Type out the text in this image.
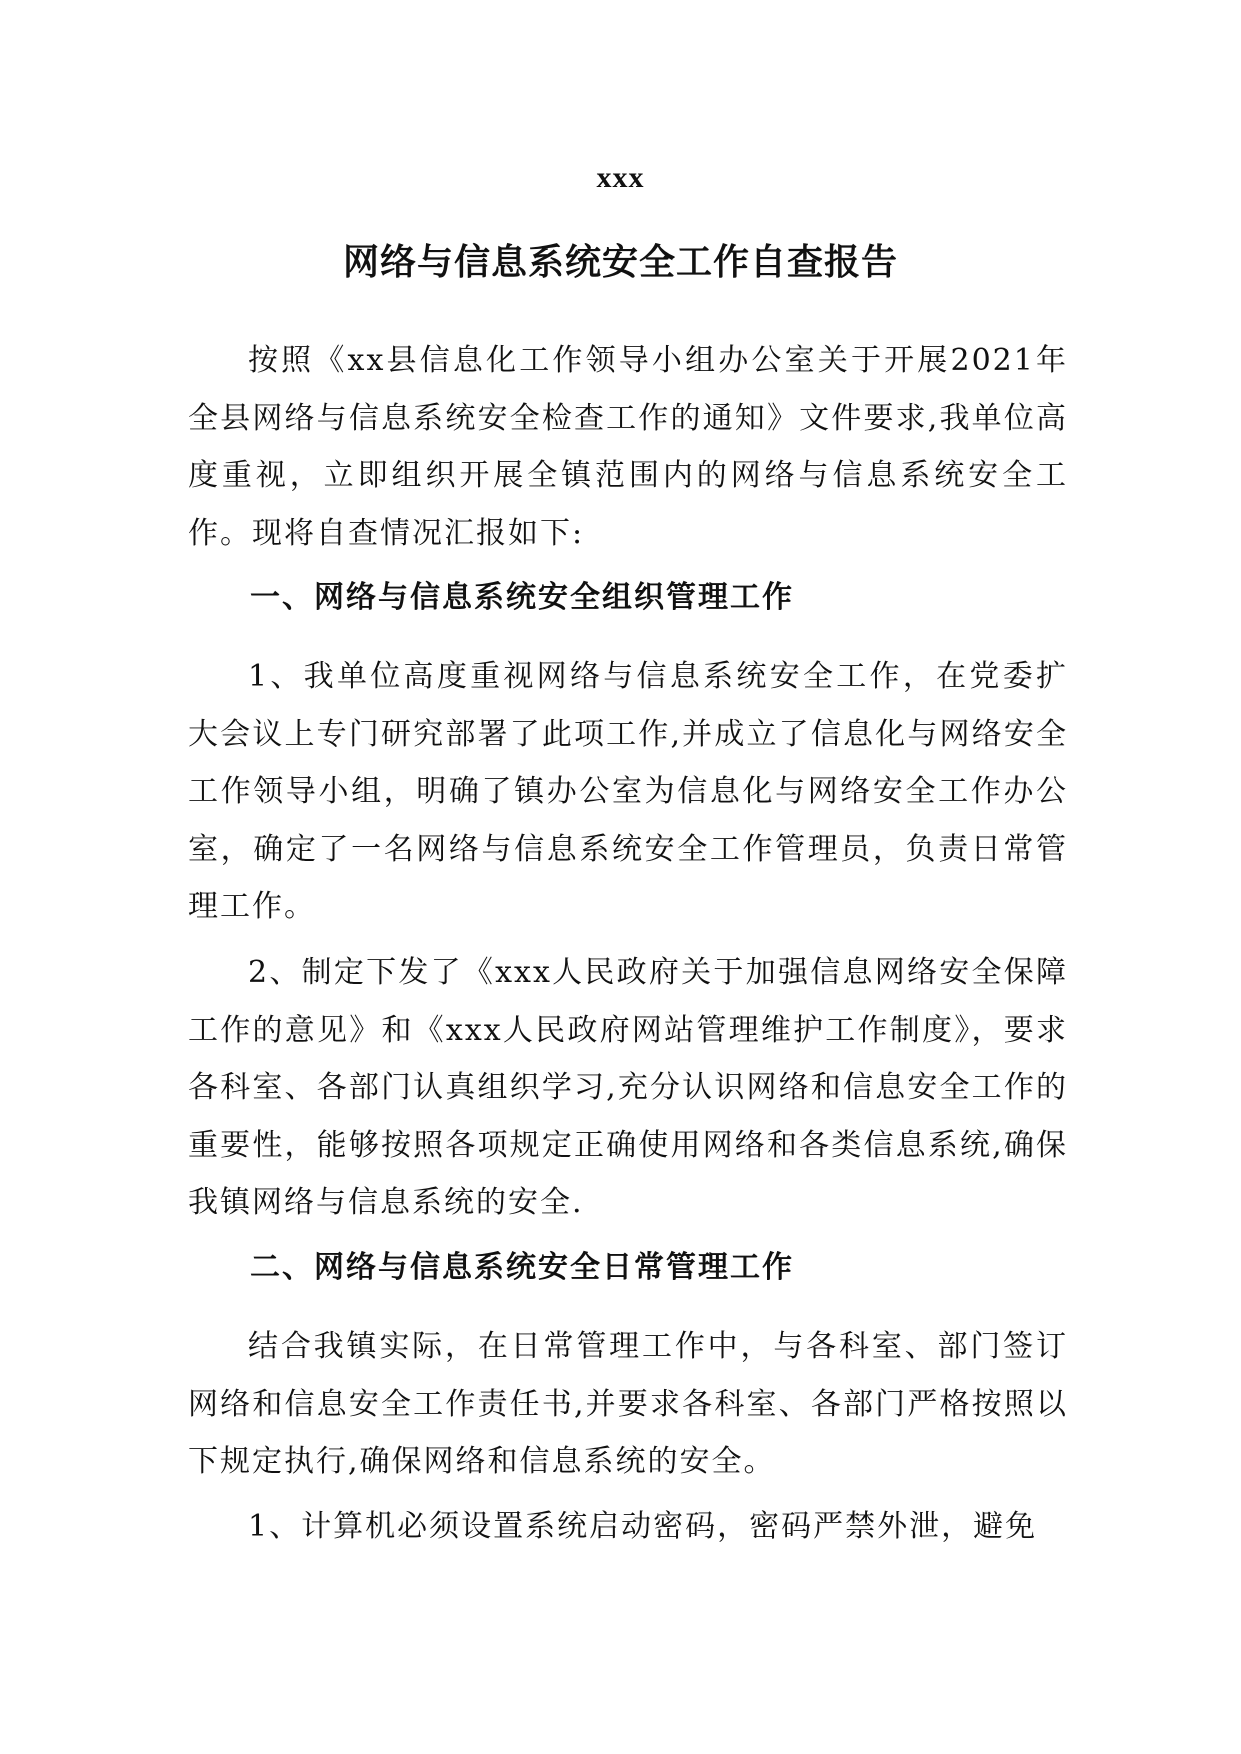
xxx
网络与信息系统安全工作自查报告

按照《xx县信息化工作领导小组办公室关于开展2021年全县网络与信息系统安全检查工作的通知》文件要求,我单位高度重视，立即组织开展全镇范围内的网络与信息系统安全工作。现将自查情况汇报如下:

一、网络与信息系统安全组织管理工作

1、我单位高度重视网络与信息系统安全工作，在党委扩大会议上专门研究部署了此项工作,并成立了信息化与网络安全工作领导小组，明确了镇办公室为信息化与网络安全工作办公室，确定了一名网络与信息系统安全工作管理员，负责日常管理工作。

2、制定下发了《xxx人民政府关于加强信息网络安全保障工作的意见》和《xxx人民政府网站管理维护工作制度》，要求各科室、各部门认真组织学习,充分认识网络和信息安全工作的重要性，能够按照各项规定正确使用网络和各类信息系统,确保我镇网络与信息系统的安全.

二、网络与信息系统安全日常管理工作

结合我镇实际，在日常管理工作中，与各科室、部门签订网络和信息安全工作责任书,并要求各科室、各部门严格按照以下规定执行,确保网络和信息系统的安全。

1、计算机必须设置系统启动密码，密码严禁外泄，避免
